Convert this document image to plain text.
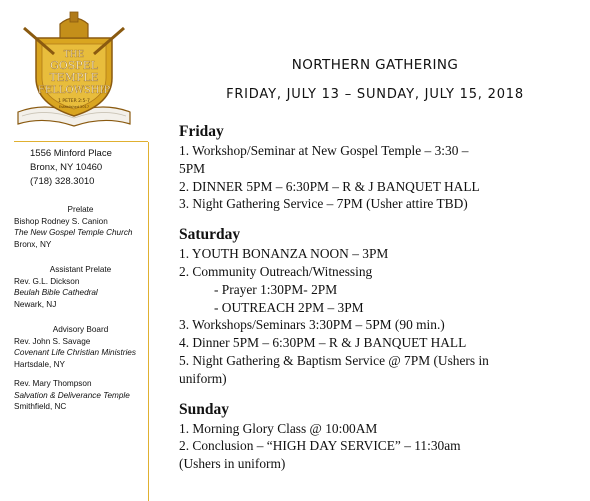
THE
GOSPEL
TEMPLE
FELLOWSHIP
1 PETER 2:5-7
Established 2017
1556 Minford Place
Bronx, NY 10460
(718) 328.3010
Prelate
Bishop Rodney S. Canion
The New Gospel Temple Church
Bronx, NY
Assistant Prelate
Rev. G.L. Dickson
Beulah Bible Cathedral
Newark, NJ
Advisory Board
Rev. John S. Savage
Covenant Life Christian Ministries
Hartsdale, NY
Rev. Mary Thompson
Salvation & Deliverance Temple
Smithfield, NC
NORTHERN GATHERING
FRIDAY, JULY 13 – SUNDAY, JULY 15, 2018
Friday
1. Workshop/Seminar at New Gospel Temple – 3:30 –
5PM
2. DINNER 5PM – 6:30PM – R & J BANQUET HALL
3. Night Gathering Service – 7PM (Usher attire TBD)
Saturday
1. YOUTH BONANZA NOON – 3PM
2. Community Outreach/Witnessing
- Prayer 1:30PM- 2PM
- OUTREACH 2PM – 3PM
3. Workshops/Seminars 3:30PM – 5PM (90 min.)
4. Dinner 5PM – 6:30PM – R & J BANQUET HALL
5. Night Gathering & Baptism Service @ 7PM (Ushers in
uniform)
Sunday
1. Morning Glory Class @ 10:00AM
2. Conclusion – “HIGH DAY SERVICE” – 11:30am
(Ushers in uniform)
